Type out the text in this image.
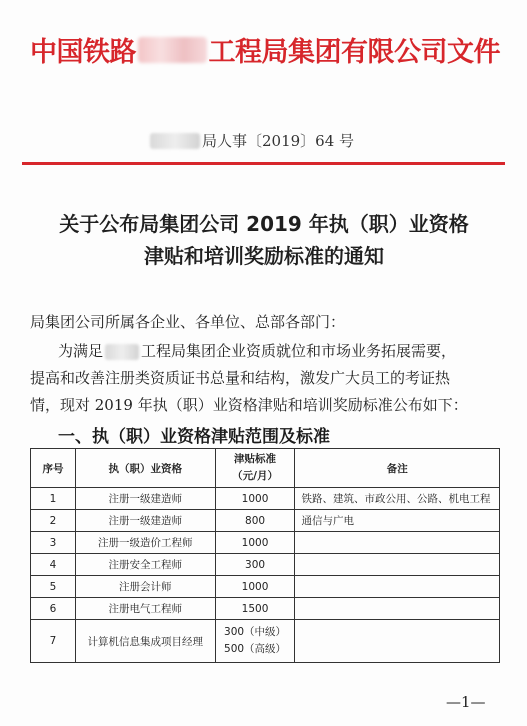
中国铁路	工程局集团有限公司文件
局人事〔2019〕64 号
关于公布局集团公司 2019 年执（职）业资格
津贴和培训奖励标准的通知
局集团公司所属各企业、各单位、总部各部门：
为满足	工程局集团企业资质就位和市场业务拓展需要，
提高和改善注册类资质证书总量和结构，激发广大员工的考证热
情，现对 2019 年执（职）业资格津贴和培训奖励标准公布如下：
一、执（职）业资格津贴范围及标准
序号	执（职）业资格	津贴标准
（元/月）	备注
1	注册一级建造师	1000	铁路、建筑、市政公用、公路、机电工程
2	注册一级建造师	800	通信与广电
3	注册一级造价工程师	1000	
4	注册安全工程师	300	
5	注册会计师	1000	
6	注册电气工程师	1500	
7	计算机信息集成项目经理	300（中级）
500（高级）	

—1—
